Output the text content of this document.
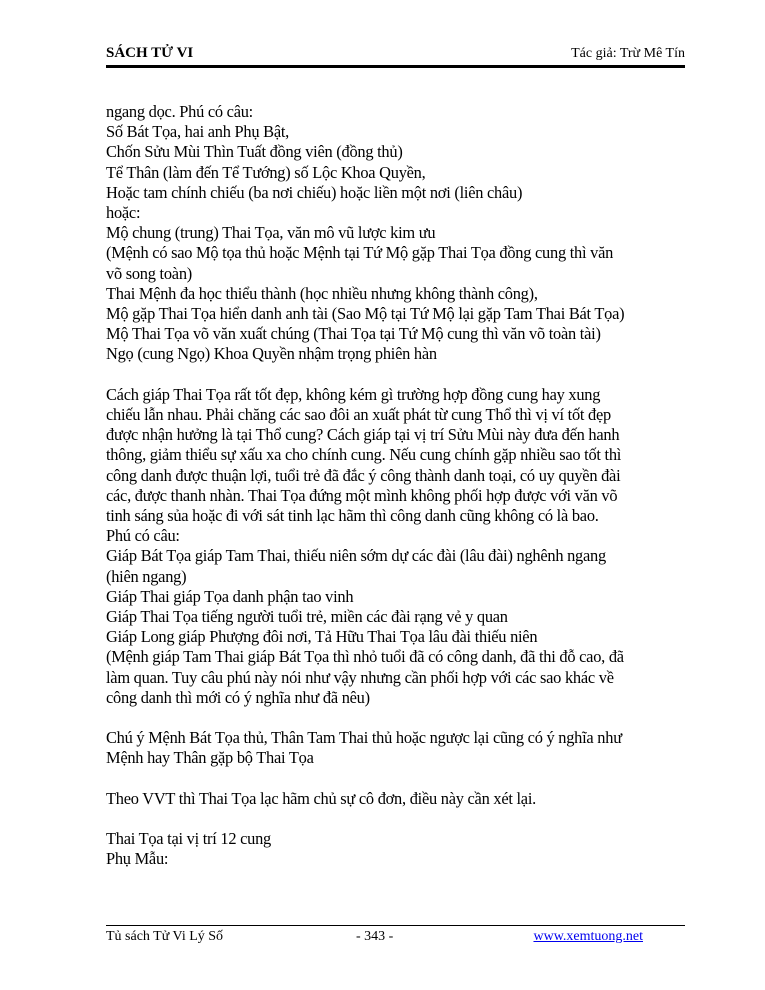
SÁCH TỬ VI	Tác giả: Trừ Mê Tín
ngang dọc. Phú có câu:
Số Bát Tọa, hai anh Phụ Bật,
Chốn Sửu Mùi Thìn Tuất đồng viên (đồng thủ)
Tể Thân (làm đến Tể Tướng) số Lộc Khoa Quyền,
Hoặc tam chính chiếu (ba nơi chiếu) hoặc liền một nơi (liên châu)
hoặc:
Mộ chung (trung) Thai Tọa, văn mô vũ lược kim ưu
(Mệnh có sao Mộ tọa thủ hoặc Mệnh tại Tứ Mộ gặp Thai Tọa đồng cung thì văn
võ song toàn)
Thai Mệnh đa học thiểu thành (học nhiều nhưng không thành công),
Mộ gặp Thai Tọa hiển danh anh tài (Sao Mộ tại Tứ Mộ lại gặp Tam Thai Bát Tọa)
Mộ Thai Tọa võ văn xuất chúng (Thai Tọa tại Tứ Mộ cung thì văn võ toàn tài)
Ngọ (cung Ngọ) Khoa Quyền nhậm trọng phiên hàn
Cách giáp Thai Tọa rất tốt đẹp, không kém gì trường hợp đồng cung hay xung
chiếu lẫn nhau. Phải chăng các sao đôi an xuất phát từ cung Thổ thì vị ví tốt đẹp
được nhận hưởng là tại Thổ cung? Cách giáp tại vị trí Sửu Mùi này đưa đến hanh
thông, giảm thiểu sự xấu xa cho chính cung. Nếu cung chính gặp nhiều sao tốt thì
công danh được thuận lợi, tuổi trẻ đã đắc ý công thành danh toại, có uy quyền đài
các, được thanh nhàn. Thai Tọa đứng một mình không phối hợp được với văn võ
tinh sáng sủa hoặc đi với sát tinh lạc hãm thì công danh cũng không có là bao.
Phú có câu:
Giáp Bát Tọa giáp Tam Thai, thiếu niên sớm dự các đài (lâu đài) nghênh ngang
(hiên ngang)
Giáp Thai giáp Tọa danh phận tao vinh
Giáp Thai Tọa tiếng người tuổi trẻ, miền các đài rạng vẻ y quan
Giáp Long giáp Phượng đôi nơi, Tả Hữu Thai Tọa lâu đài thiếu niên
(Mệnh giáp Tam Thai giáp Bát Tọa thì nhỏ tuổi đã có công danh, đã thi đỗ cao, đã
làm quan. Tuy câu phú này nói như vậy nhưng cần phối hợp với các sao khác về
công danh thì mới có ý nghĩa như đã nêu)
Chú ý Mệnh Bát Tọa thủ, Thân Tam Thai thủ hoặc ngược lại cũng có ý nghĩa như
Mệnh hay Thân gặp bộ Thai Tọa
Theo VVT thì Thai Tọa lạc hãm chủ sự cô đơn, điều này cần xét lại.
Thai Tọa tại vị trí 12 cung
Phụ Mẫu:
Tủ sách Tử Vi Lý Số	- 343 -	www.xemtuong.net
